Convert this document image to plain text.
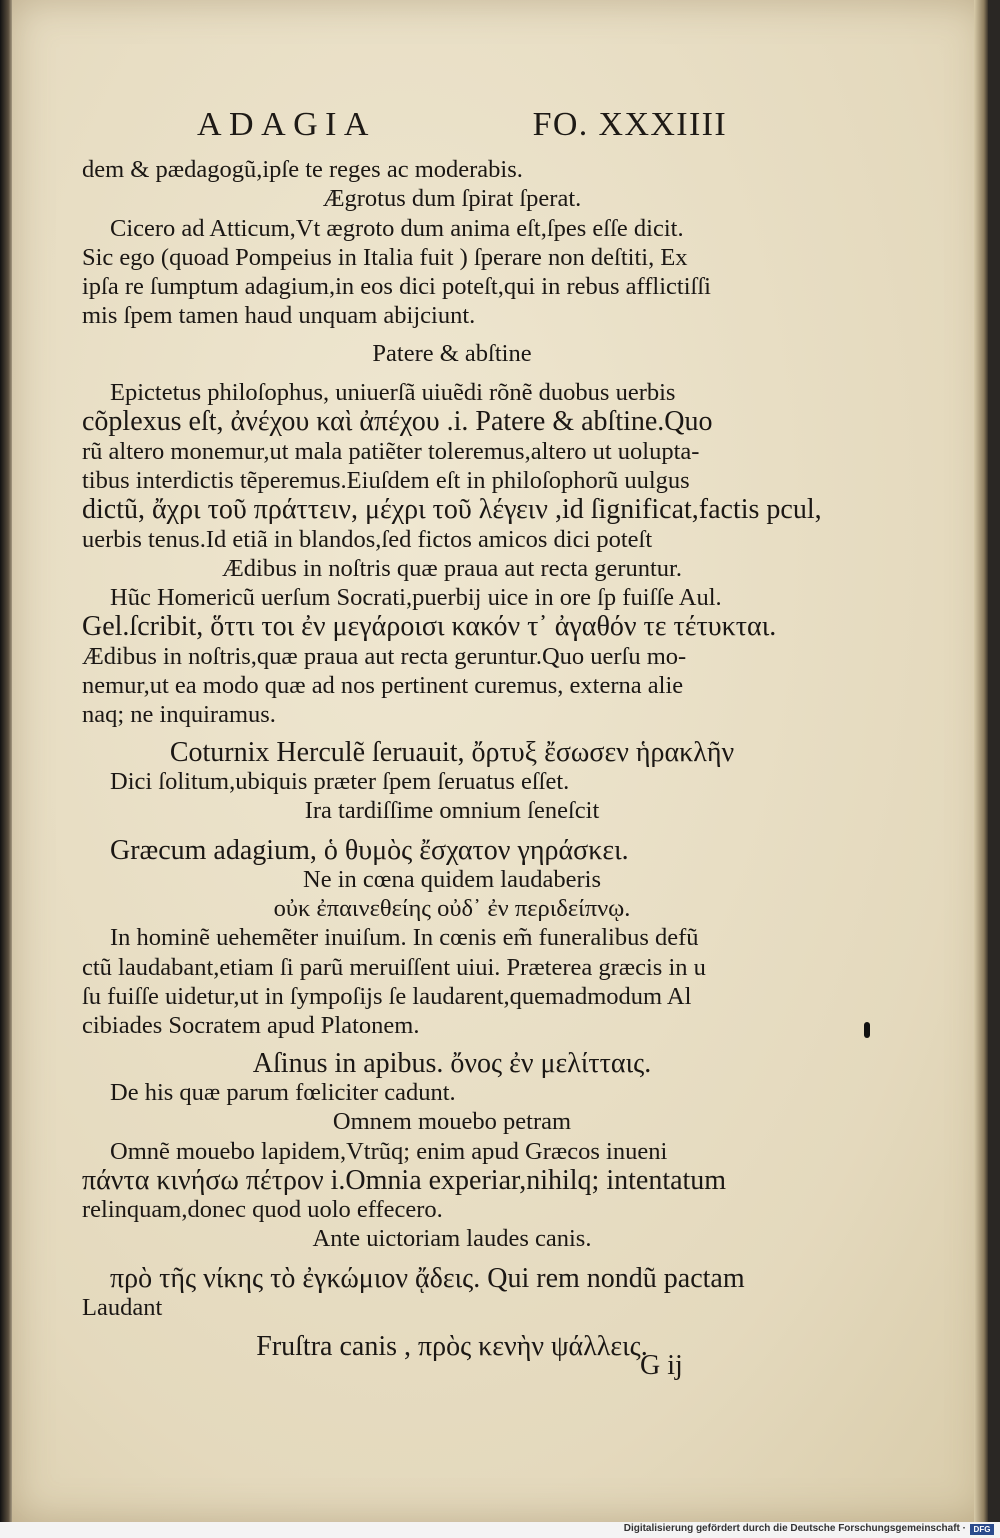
ADAGIA	FO. XXXIIII
dem & pædagogũ,ipſe te reges ac moderabis.
Ægrotus dum ſpirat ſperat.
Cicero ad Atticum,Vt ægroto dum anima eſt,ſpes eſſe dicit.
Sic ego (quoad Pompeius in Italia fuit ) ſperare non deſtiti, Ex
ipſa re ſumptum adagium,in eos dici poteſt,qui in rebus afflictiſſi
mis ſpem tamen haud unquam abijciunt.
Patere & abſtine
Epictetus philoſophus, uniuerſã uiuẽdi rõnẽ duobus uerbis
cõplexus eſt, ἀνέχου καὶ ἀπέχου .i. Patere & abſtine.Quo
rũ altero monemur,ut mala patiẽter toleremus,altero ut uolupta-
tibus interdictis tẽperemus.Eiuſdem eſt in philoſophorũ uulgus
dictũ, ἄχρι τοῦ πράττειν, μέχρι τοῦ λέγειν ,id ſignificat,factis pcul,
uerbis tenus.Id etiã in blandos,ſed fictos amicos dici poteſt
Ædibus in noſtris quæ praua aut recta geruntur.
Hũc Homericũ uerſum Socrati,puerbij uice in ore ſp fuiſſe Aul.
Gel.ſcribit, ὅττι τοι ἐν μεγάροισι κακόν τ᾽ ἀγαθόν τε τέτυκται.
Ædibus in noſtris,quæ praua aut recta geruntur.Quo uerſu mo-
nemur,ut ea modo quæ ad nos pertinent curemus, externa alie
naq; ne inquiramus.
Coturnix Herculẽ ſeruauit, ὄρτυξ ἔσωσεν ἡρακλῆν
Dici ſolitum,ubiquis præter ſpem ſeruatus eſſet.
Ira tardiſſime omnium ſeneſcit
Græcum adagium, ὁ θυμὸς ἔσχατον γηράσκει.
Ne in cœna quidem laudaberis
οὐκ ἐπαινεθείης οὐδ᾽ ἐν περιδείπνῳ.
In hominẽ uehemẽter inuiſum. In cœnis em̃ funeralibus defũ
ctũ laudabant,etiam ſi parũ meruiſſent uiui. Præterea græcis in u
ſu fuiſſe uidetur,ut in ſympoſijs ſe laudarent,quemadmodum Al
cibiades Socratem apud Platonem.
Aſinus in apibus. ὄνος ἐν μελίτταις.
De his quæ parum fœliciter cadunt.
Omnem mouebo petram
Omnẽ mouebo lapidem,Vtrũq; enim apud Græcos inueni
πάντα κινήσω πέτρον i.Omnia experiar,nihilq; intentatum
relinquam,donec quod uolo effecero.
Ante uictoriam laudes canis.
πρὸ τῆς νίκης τὸ ἐγκώμιον ᾄδεις. Qui rem nondũ pactam
Laudant
Fruſtra canis , πρὸς κενὴν ψάλλεις.
G ij
Digitalisierung gefördert durch die Deutsche Forschungsgemeinschaft · DFG
